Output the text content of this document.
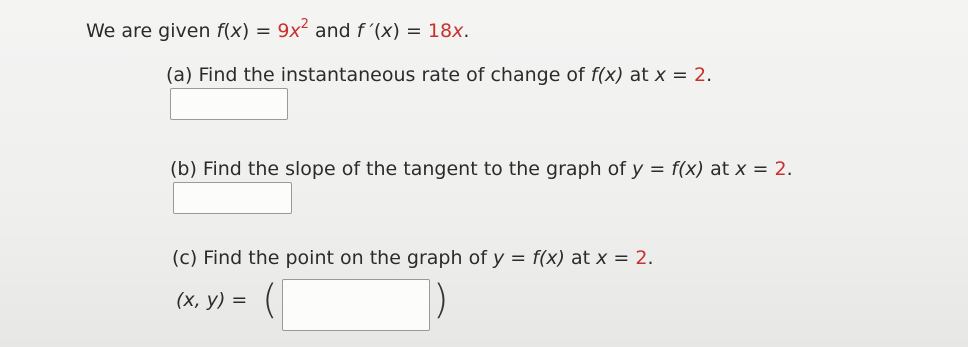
We are given $f(x) = 9x^2$ and f ′(x) = 18x.
(a) Find the instantaneous rate of change of f(x) at x = 2.
(b) Find the slope of the tangent to the graph of y = f(x) at x = 2.
(c) Find the point on the graph of y = f(x) at x = 2.
(x, y) = (	)
